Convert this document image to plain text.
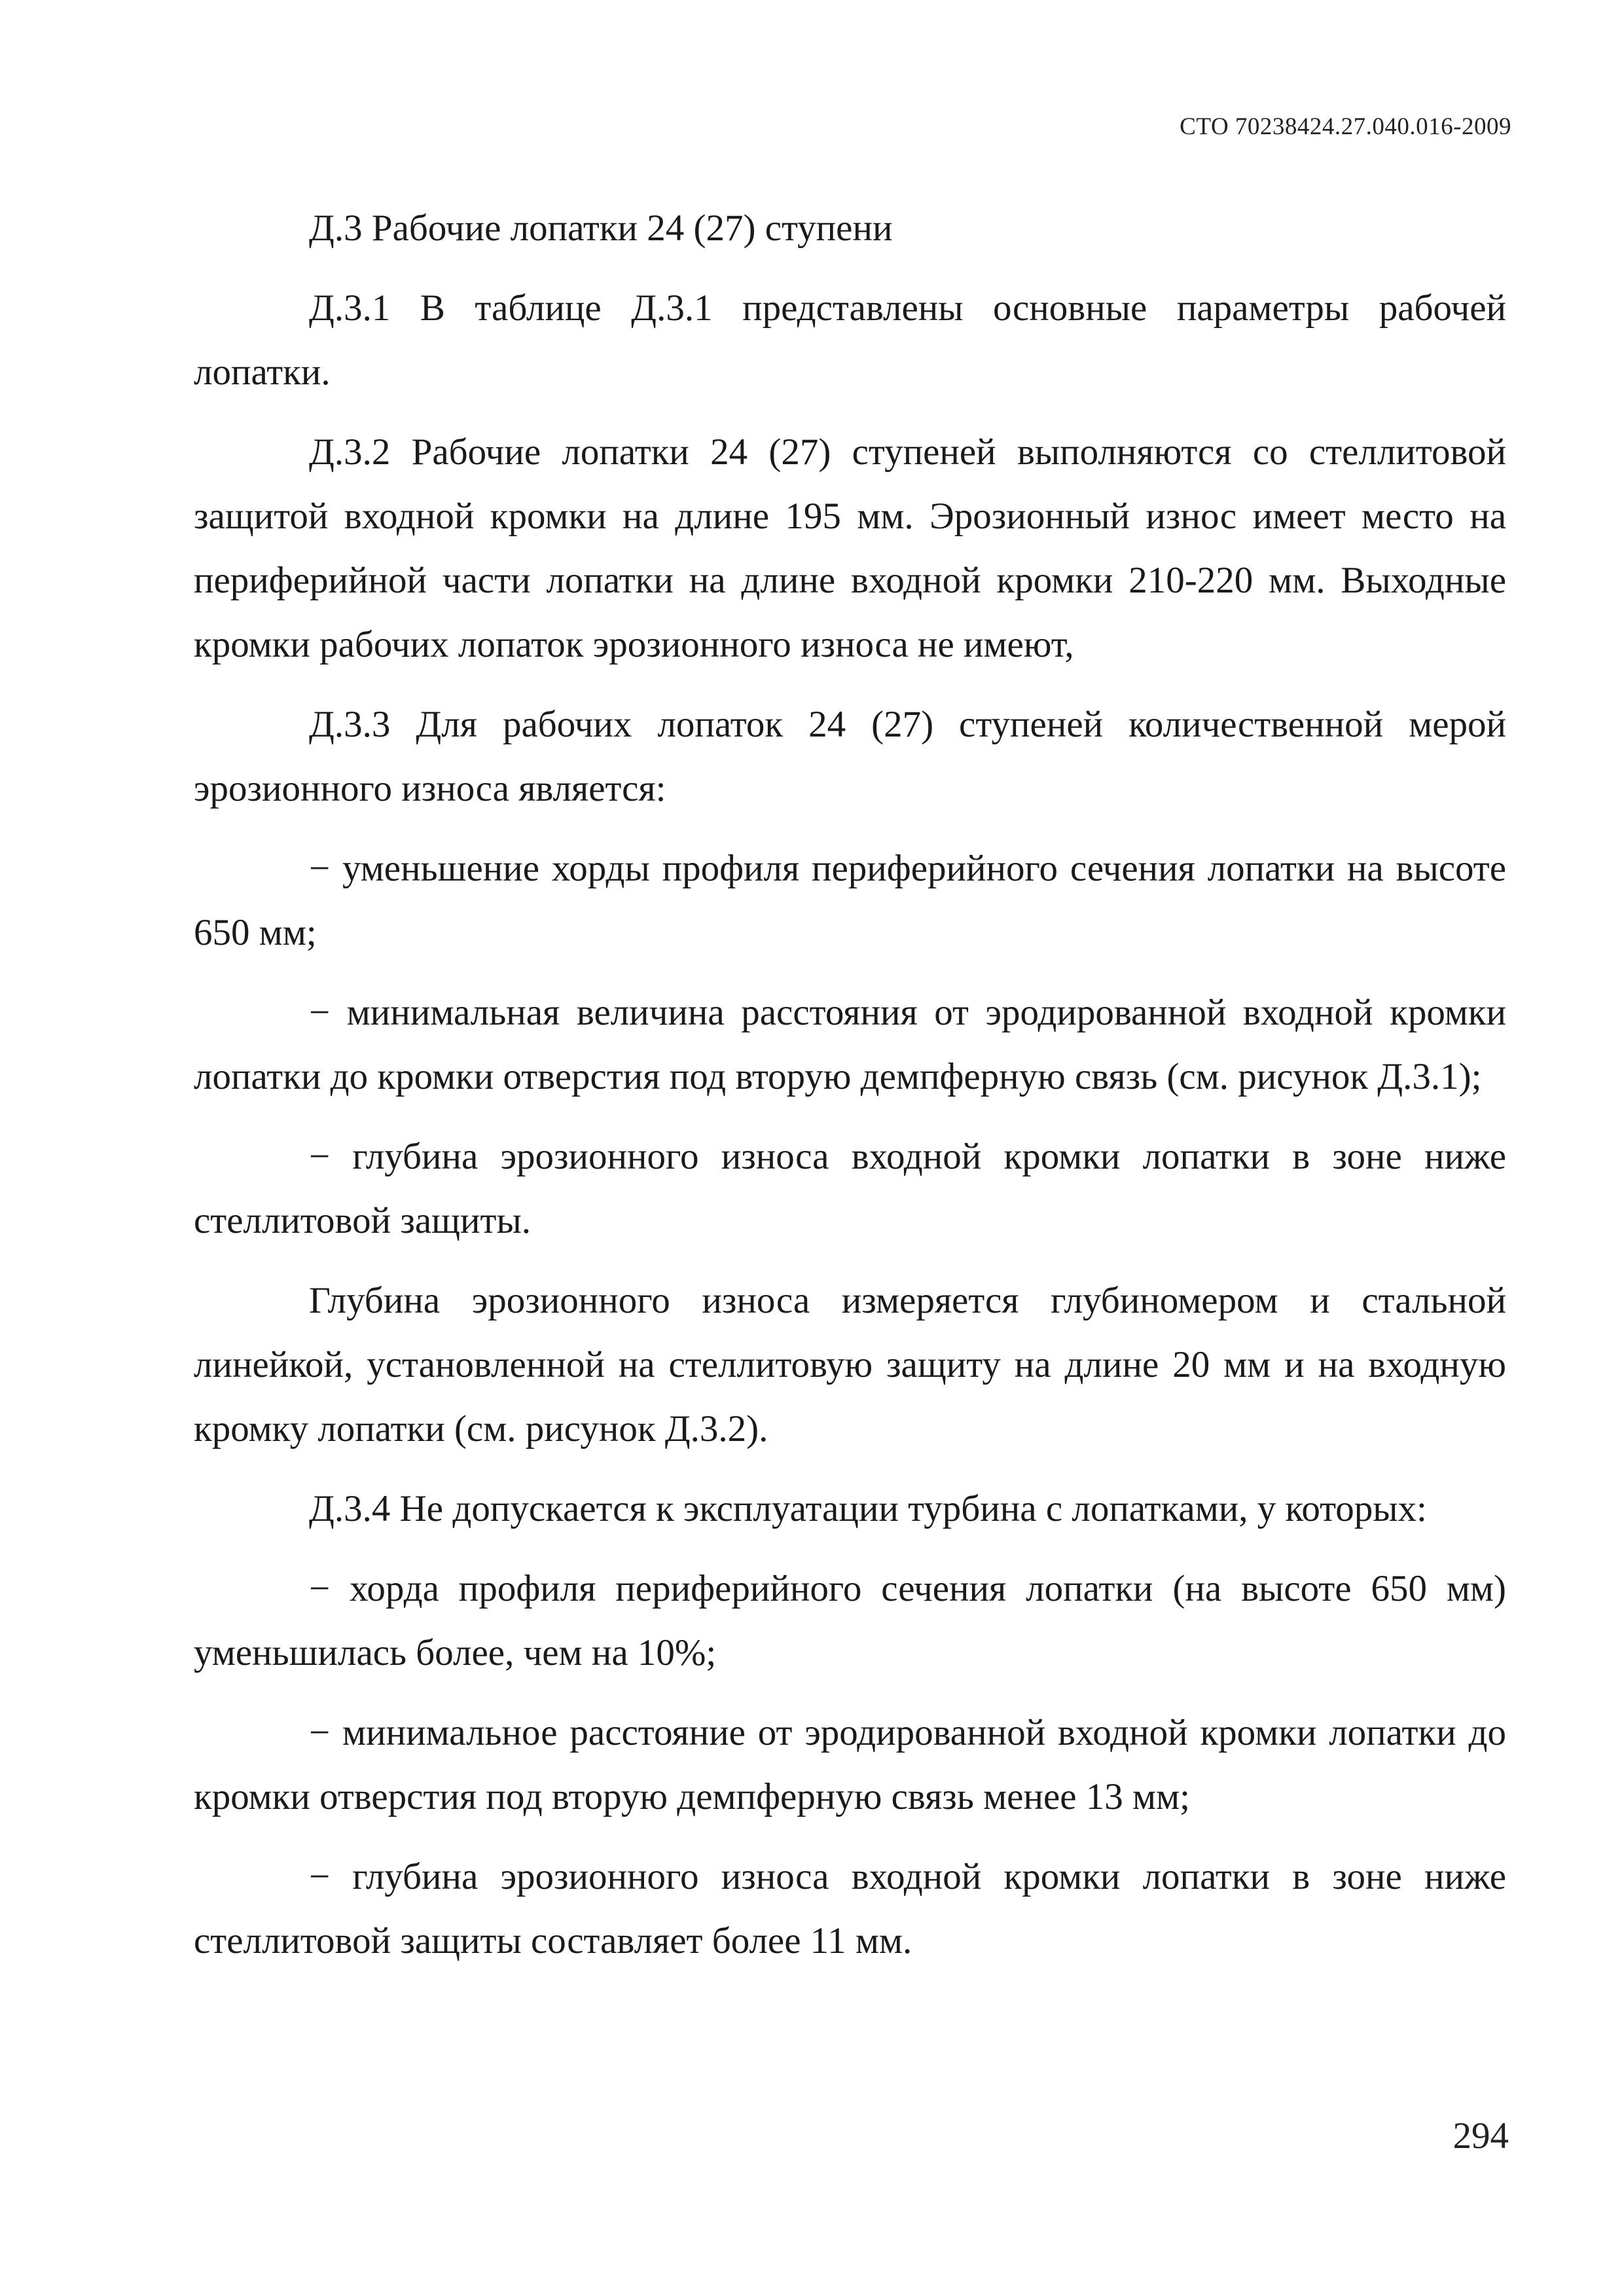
СТО 70238424.27.040.016-2009

Д.3 Рабочие лопатки 24 (27) ступени

Д.3.1 В таблице Д.3.1 представлены основные параметры рабочей лопатки.

Д.3.2 Рабочие лопатки 24 (27) ступеней выполняются со стеллитовой защитой входной кромки на длине 195 мм. Эрозионный износ имеет место на периферийной части лопатки на длине входной кромки 210-220 мм. Выходные кромки рабочих лопаток эрозионного износа не имеют,

Д.3.3 Для рабочих лопаток 24 (27) ступеней количественной мерой эрозионного износа является:

− уменьшение хорды профиля периферийного сечения лопатки на высоте 650 мм;

− минимальная величина расстояния от эродированной входной кромки лопатки до кромки отверстия под вторую демпферную связь (см. рисунок Д.3.1);

− глубина эрозионного износа входной кромки лопатки в зоне ниже стеллитовой защиты.

Глубина эрозионного износа измеряется глубиномером и стальной линейкой, установленной на стеллитовую защиту на длине 20 мм и на входную кромку лопатки (см. рисунок Д.3.2).

Д.3.4 Не допускается к эксплуатации турбина с лопатками, у которых:

− хорда профиля периферийного сечения лопатки (на высоте 650 мм) уменьшилась более, чем на 10%;

− минимальное расстояние от эродированной входной кромки лопатки до кромки отверстия под вторую демпферную связь менее 13 мм;

− глубина эрозионного износа входной кромки лопатки в зоне ниже стеллитовой защиты составляет более 11 мм.

294
